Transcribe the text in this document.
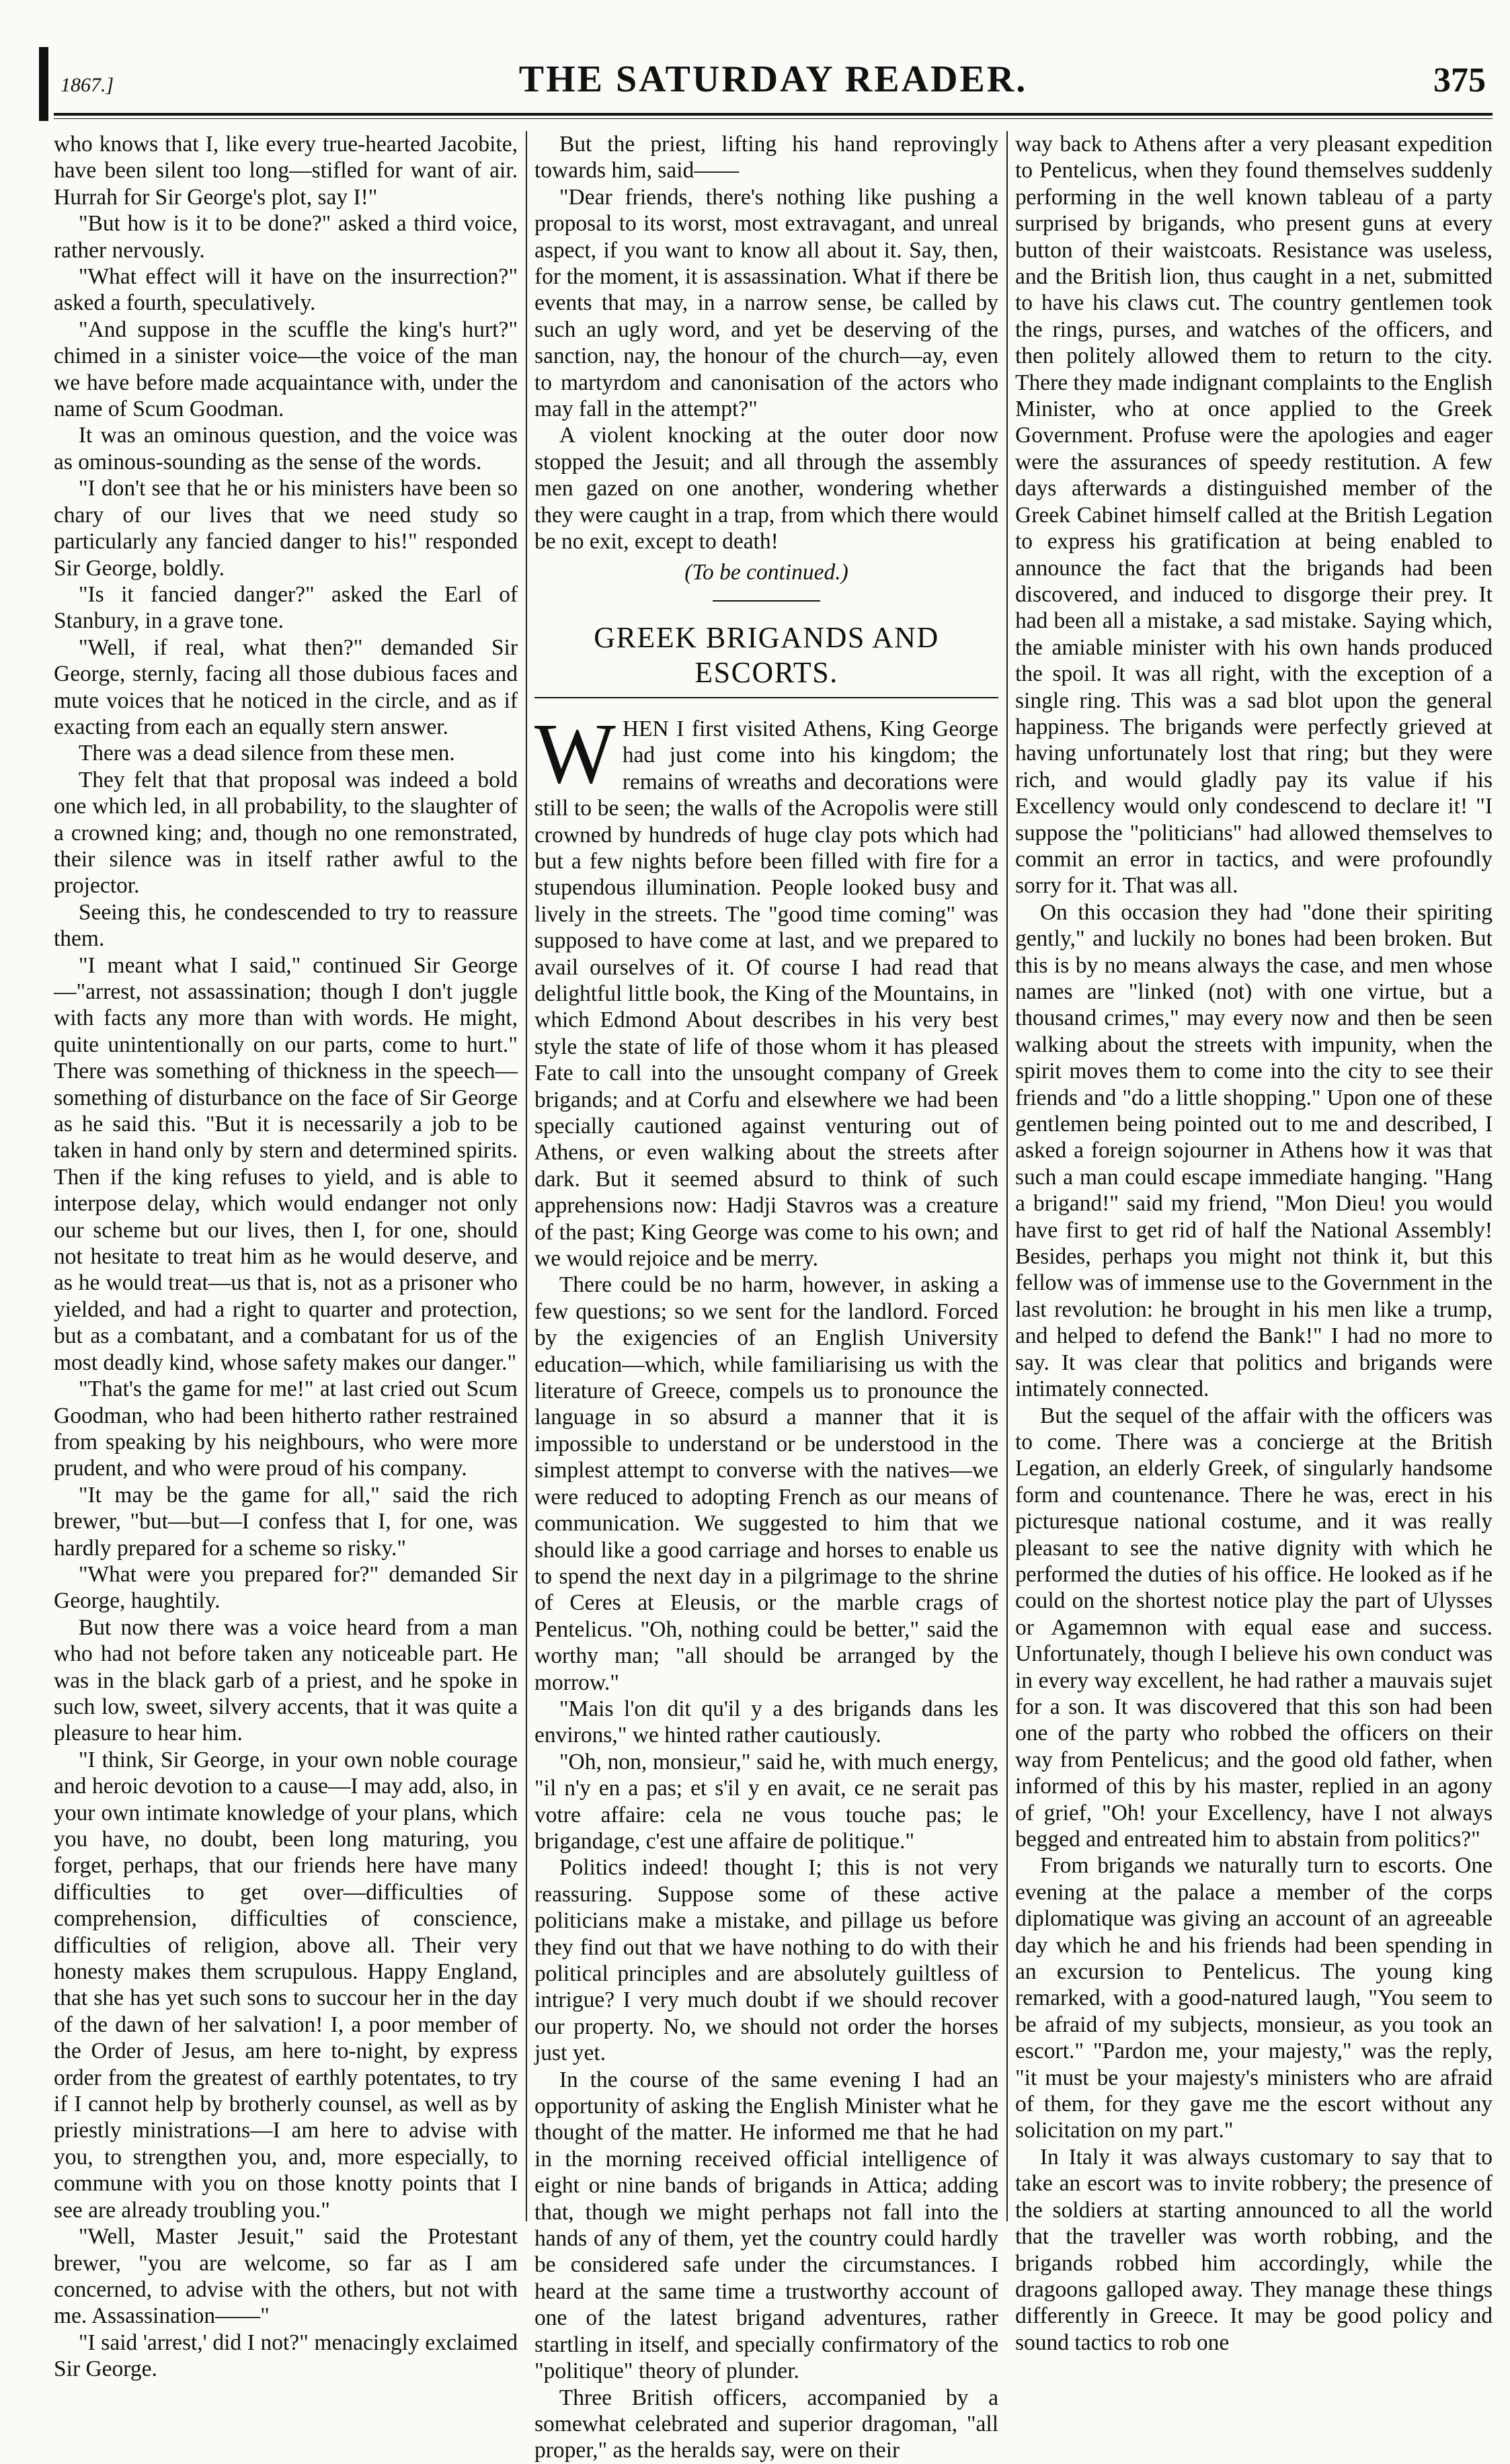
1867.]	THE SATURDAY READER.	375

who knows that I, like every true-hearted Jacobite, have been silent too long—stifled for want of air. Hurrah for Sir George's plot, say I!"

"But how is it to be done?" asked a third voice, rather nervously.

"What effect will it have on the insurrection?" asked a fourth, speculatively.

"And suppose in the scuffle the king's hurt?" chimed in a sinister voice—the voice of the man we have before made acquaintance with, under the name of Scum Goodman.

It was an ominous question, and the voice was as ominous-sounding as the sense of the words.

"I don't see that he or his ministers have been so chary of our lives that we need study so particularly any fancied danger to his!" responded Sir George, boldly.

"Is it fancied danger?" asked the Earl of Stanbury, in a grave tone.

"Well, if real, what then?" demanded Sir George, sternly, facing all those dubious faces and mute voices that he noticed in the circle, and as if exacting from each an equally stern answer.

There was a dead silence from these men.

They felt that that proposal was indeed a bold one which led, in all probability, to the slaughter of a crowned king; and, though no one remonstrated, their silence was in itself rather awful to the projector.

Seeing this, he condescended to try to reassure them.

"I meant what I said," continued Sir George —"arrest, not assassination; though I don't juggle with facts any more than with words. He might, quite unintentionally on our parts, come to hurt." There was something of thickness in the speech—something of disturbance on the face of Sir George as he said this. "But it is necessarily a job to be taken in hand only by stern and determined spirits. Then if the king refuses to yield, and is able to interpose delay, which would endanger not only our scheme but our lives, then I, for one, should not hesitate to treat him as he would deserve, and as he would treat—us that is, not as a prisoner who yielded, and had a right to quarter and protection, but as a combatant, and a combatant for us of the most deadly kind, whose safety makes our danger."

"That's the game for me!" at last cried out Scum Goodman, who had been hitherto rather restrained from speaking by his neighbours, who were more prudent, and who were proud of his company.

"It may be the game for all," said the rich brewer, "but—but—I confess that I, for one, was hardly prepared for a scheme so risky."

"What were you prepared for?" demanded Sir George, haughtily.

But now there was a voice heard from a man who had not before taken any noticeable part. He was in the black garb of a priest, and he spoke in such low, sweet, silvery accents, that it was quite a pleasure to hear him.

"I think, Sir George, in your own noble courage and heroic devotion to a cause—I may add, also, in your own intimate knowledge of your plans, which you have, no doubt, been long maturing, you forget, perhaps, that our friends here have many difficulties to get over—difficulties of comprehension, difficulties of conscience, difficulties of religion, above all. Their very honesty makes them scrupulous. Happy England, that she has yet such sons to succour her in the day of the dawn of her salvation! I, a poor member of the Order of Jesus, am here to-night, by express order from the greatest of earthly potentates, to try if I cannot help by brotherly counsel, as well as by priestly ministrations—I am here to advise with you, to strengthen you, and, more especially, to commune with you on those knotty points that I see are already troubling you."

"Well, Master Jesuit," said the Protestant brewer, "you are welcome, so far as I am concerned, to advise with the others, but not with me. Assassination——"

"I said 'arrest,' did I not?" menacingly exclaimed Sir George.

But the priest, lifting his hand reprovingly towards him, said——

"Dear friends, there's nothing like pushing a proposal to its worst, most extravagant, and unreal aspect, if you want to know all about it. Say, then, for the moment, it is assassination. What if there be events that may, in a narrow sense, be called by such an ugly word, and yet be deserving of the sanction, nay, the honour of the church—ay, even to martyrdom and canonisation of the actors who may fall in the attempt?"

A violent knocking at the outer door now stopped the Jesuit; and all through the assembly men gazed on one another, wondering whether they were caught in a trap, from which there would be no exit, except to death!

(To be continued.)

GREEK BRIGANDS AND ESCORTS.

WHEN I first visited Athens, King George had just come into his kingdom; the remains of wreaths and decorations were still to be seen; the walls of the Acropolis were still crowned by hundreds of huge clay pots which had but a few nights before been filled with fire for a stupendous illumination. People looked busy and lively in the streets. The "good time coming" was supposed to have come at last, and we prepared to avail ourselves of it. Of course I had read that delightful little book, the King of the Mountains, in which Edmond About describes in his very best style the state of life of those whom it has pleased Fate to call into the unsought company of Greek brigands; and at Corfu and elsewhere we had been specially cautioned against venturing out of Athens, or even walking about the streets after dark. But it seemed absurd to think of such apprehensions now: Hadji Stavros was a creature of the past; King George was come to his own; and we would rejoice and be merry.

There could be no harm, however, in asking a few questions; so we sent for the landlord. Forced by the exigencies of an English University education—which, while familiarising us with the literature of Greece, compels us to pronounce the language in so absurd a manner that it is impossible to understand or be understood in the simplest attempt to converse with the natives—we were reduced to adopting French as our means of communication. We suggested to him that we should like a good carriage and horses to enable us to spend the next day in a pilgrimage to the shrine of Ceres at Eleusis, or the marble crags of Pentelicus. "Oh, nothing could be better," said the worthy man; "all should be arranged by the morrow."

"Mais l'on dit qu'il y a des brigands dans les environs," we hinted rather cautiously.

"Oh, non, monsieur," said he, with much energy, "il n'y en a pas; et s'il y en avait, ce ne serait pas votre affaire: cela ne vous touche pas; le brigandage, c'est une affaire de politique."

Politics indeed! thought I; this is not very reassuring. Suppose some of these active politicians make a mistake, and pillage us before they find out that we have nothing to do with their political principles and are absolutely guiltless of intrigue? I very much doubt if we should recover our property. No, we should not order the horses just yet.

In the course of the same evening I had an opportunity of asking the English Minister what he thought of the matter. He informed me that he had in the morning received official intelligence of eight or nine bands of brigands in Attica; adding that, though we might perhaps not fall into the hands of any of them, yet the country could hardly be considered safe under the circumstances. I heard at the same time a trustworthy account of one of the latest brigand adventures, rather startling in itself, and specially confirmatory of the "politique" theory of plunder.

Three British officers, accompanied by a somewhat celebrated and superior dragoman, "all proper," as the heralds say, were on their

way back to Athens after a very pleasant expedition to Pentelicus, when they found themselves suddenly performing in the well known tableau of a party surprised by brigands, who present guns at every button of their waistcoats. Resistance was useless, and the British lion, thus caught in a net, submitted to have his claws cut. The country gentlemen took the rings, purses, and watches of the officers, and then politely allowed them to return to the city. There they made indignant complaints to the English Minister, who at once applied to the Greek Government. Profuse were the apologies and eager were the assurances of speedy restitution. A few days afterwards a distinguished member of the Greek Cabinet himself called at the British Legation to express his gratification at being enabled to announce the fact that the brigands had been discovered, and induced to disgorge their prey. It had been all a mistake, a sad mistake. Saying which, the amiable minister with his own hands produced the spoil. It was all right, with the exception of a single ring. This was a sad blot upon the general happiness. The brigands were perfectly grieved at having unfortunately lost that ring; but they were rich, and would gladly pay its value if his Excellency would only condescend to declare it! "I suppose the "politicians" had allowed themselves to commit an error in tactics, and were profoundly sorry for it. That was all.

On this occasion they had "done their spiriting gently," and luckily no bones had been broken. But this is by no means always the case, and men whose names are "linked (not) with one virtue, but a thousand crimes," may every now and then be seen walking about the streets with impunity, when the spirit moves them to come into the city to see their friends and "do a little shopping." Upon one of these gentlemen being pointed out to me and described, I asked a foreign sojourner in Athens how it was that such a man could escape immediate hanging. "Hang a brigand!" said my friend, "Mon Dieu! you would have first to get rid of half the National Assembly! Besides, perhaps you might not think it, but this fellow was of immense use to the Government in the last revolution: he brought in his men like a trump, and helped to defend the Bank!" I had no more to say. It was clear that politics and brigands were intimately connected.

But the sequel of the affair with the officers was to come. There was a concierge at the British Legation, an elderly Greek, of singularly handsome form and countenance. There he was, erect in his picturesque national costume, and it was really pleasant to see the native dignity with which he performed the duties of his office. He looked as if he could on the shortest notice play the part of Ulysses or Agamemnon with equal ease and success. Unfortunately, though I believe his own conduct was in every way excellent, he had rather a mauvais sujet for a son. It was discovered that this son had been one of the party who robbed the officers on their way from Pentelicus; and the good old father, when informed of this by his master, replied in an agony of grief, "Oh! your Excellency, have I not always begged and entreated him to abstain from politics?"

From brigands we naturally turn to escorts. One evening at the palace a member of the corps diplomatique was giving an account of an agreeable day which he and his friends had been spending in an excursion to Pentelicus. The young king remarked, with a good-natured laugh, "You seem to be afraid of my subjects, monsieur, as you took an escort." "Pardon me, your majesty," was the reply, "it must be your majesty's ministers who are afraid of them, for they gave me the escort without any solicitation on my part."

In Italy it was always customary to say that to take an escort was to invite robbery; the presence of the soldiers at starting announced to all the world that the traveller was worth robbing, and the brigands robbed him accordingly, while the dragoons galloped away. They manage these things differently in Greece. It may be good policy and sound tactics to rob one
